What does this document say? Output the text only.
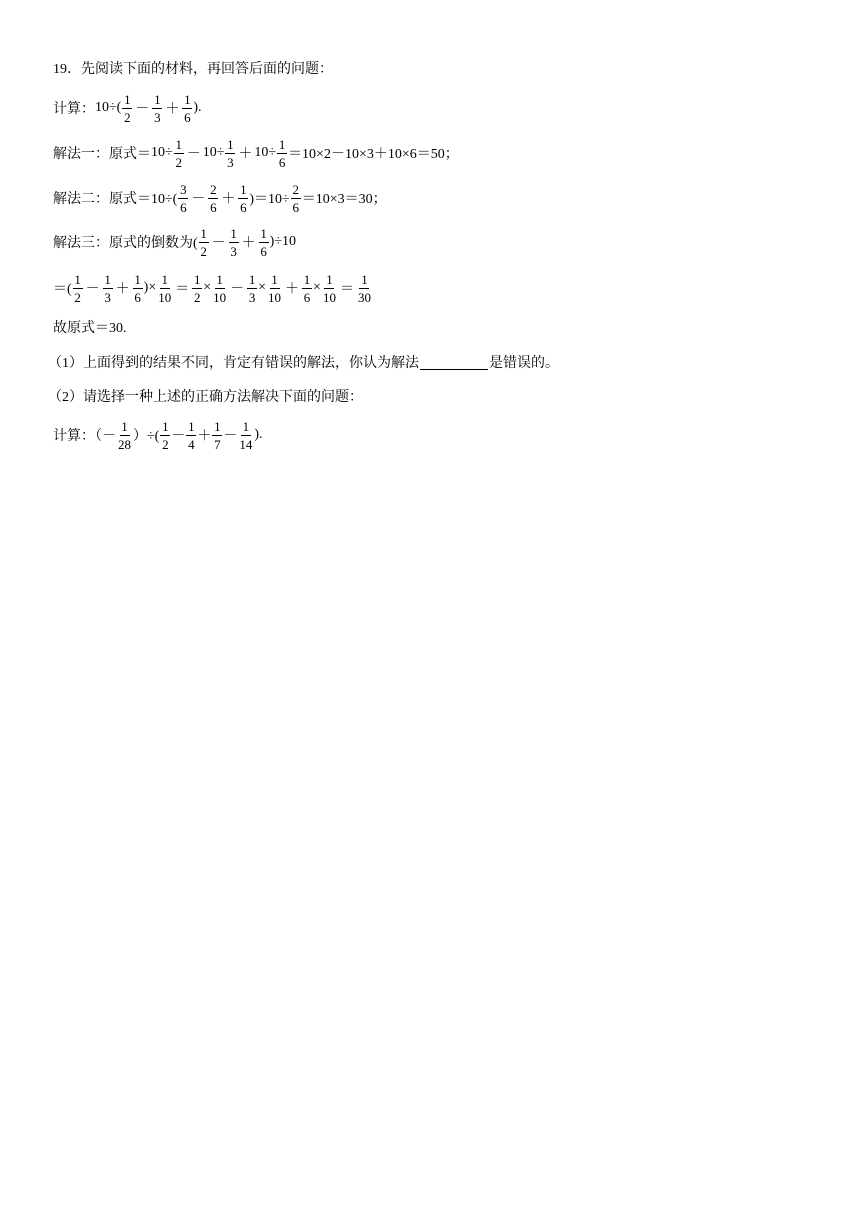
19． 先阅读下面的材料，再回答后面的问题：
计算： $10\div( \frac{1}{2} - \frac{1}{3} + \frac{1}{6}$ ).
解法一：原式＝ $10\div \frac{1}{2} - 10\div \frac{1}{3} + 10\div \frac{1}{6} =10\times 2-10\times 3+10\times 6=50$；
解法二：原式$=10\div( \frac{3}{6} - \frac{2}{6} + \frac{1}{6} )=10\div \frac{2}{6} =10\times 3=30$；
解法三：原式的倒数为( $\frac{1}{2} - \frac{1}{3} + \frac{1}{6} )\div 10$
＝( $\frac{1}{2} - \frac{1}{3} + \frac{1}{6}$ )× $\frac{1}{10} = \frac{1}{2} \times \frac{1}{10} - \frac{1}{3} \times \frac{1}{10} + \frac{1}{6} \times \frac{1}{10} = \frac{1}{30}$
故原式＝30.
（1）上面得到的结果不同，肯定有错误的解法，你认为解法	是错误的。
（2）请选择一种上述的正确方法解决下面的问题：
计算：（－ $\frac{1}{28}$ ）÷( $\frac{1}{2} - \frac{1}{4} + \frac{1}{7} - \frac{1}{14}$ ).
